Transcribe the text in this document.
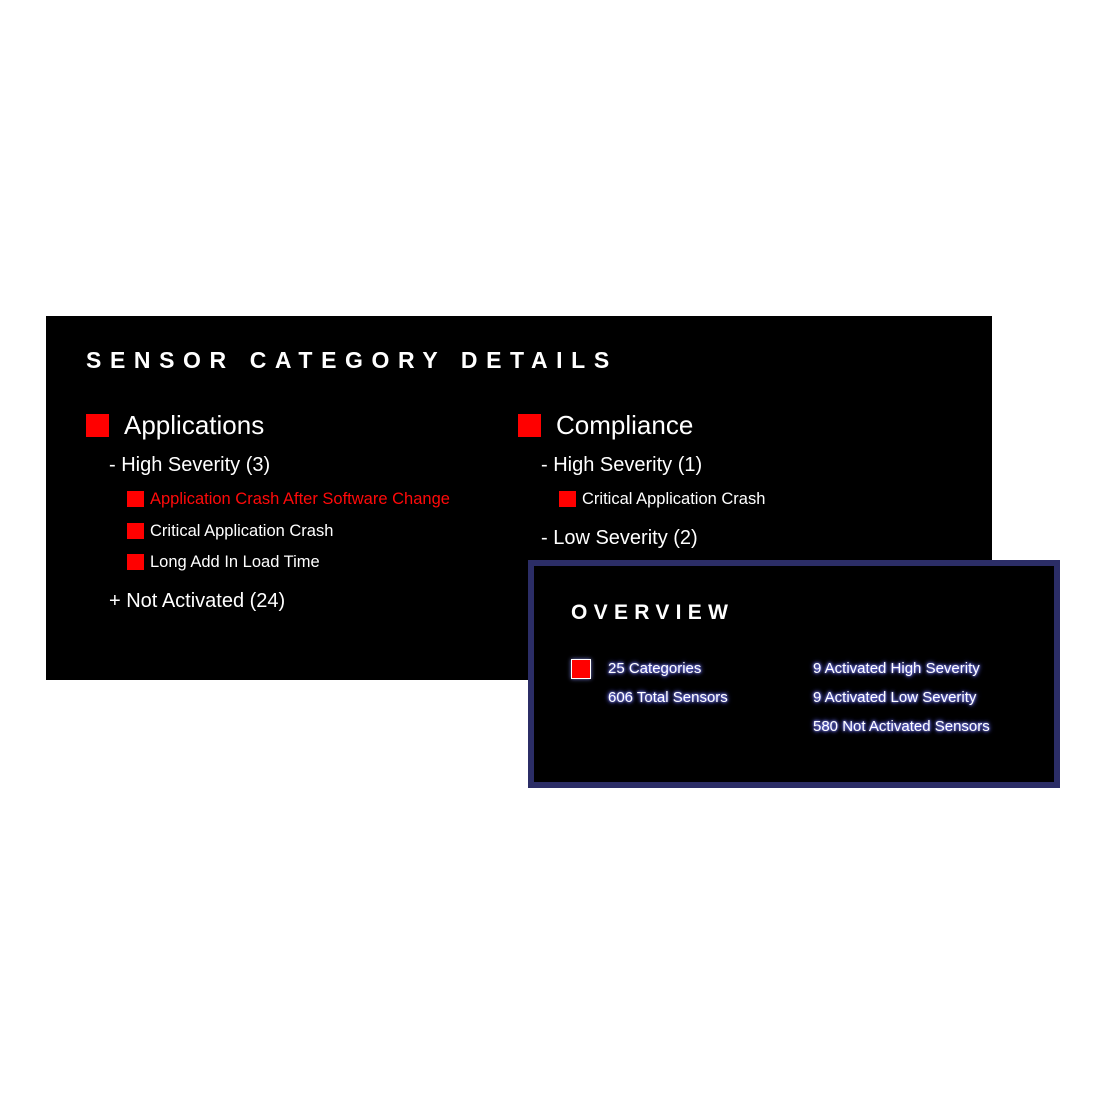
SENSOR CATEGORY DETAILS
Applications
- High Severity (3)
Application Crash After Software Change
Critical Application Crash
Long Add In Load Time
+ Not Activated (24)
Compliance
- High Severity (1)
Critical Application Crash
- Low Severity (2)
OVERVIEW
25 Categories
606 Total Sensors
9 Activated High Severity
9 Activated Low Severity
580 Not Activated Sensors
